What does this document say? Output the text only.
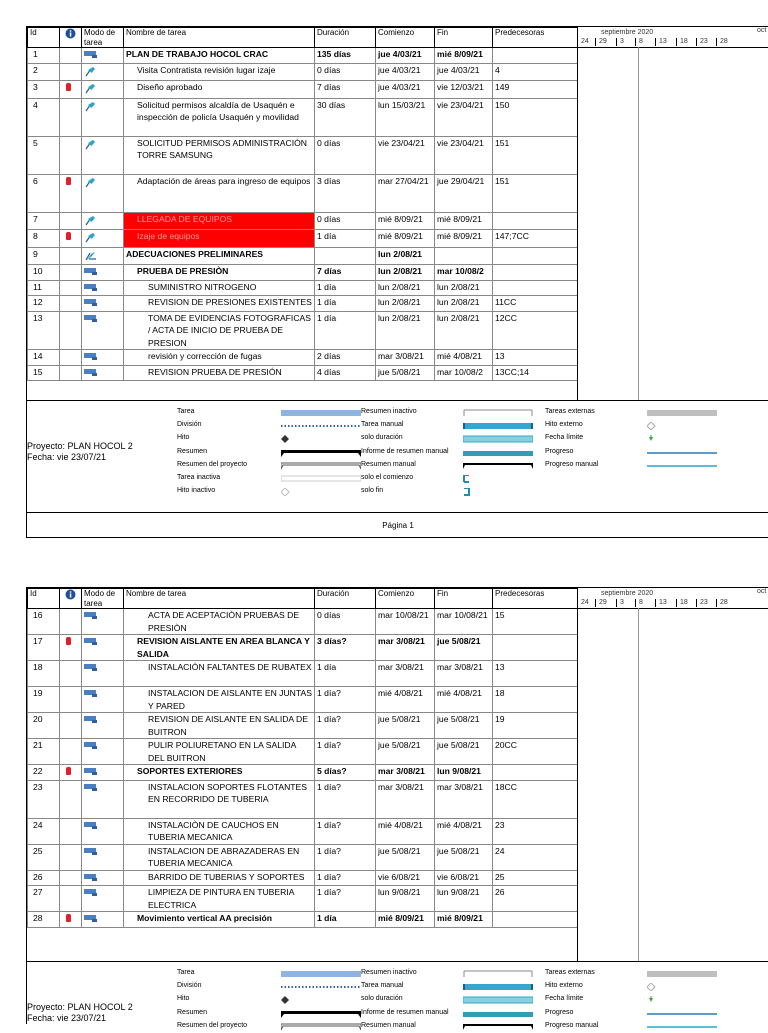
Id		Modo de tarea	Nombre de tarea	Duración	Comienzo	Fin	Predecesoras
1			PLAN DE TRABAJO HOCOL CRAC	135 días	jue 4/03/21	mié 8/09/21	
2			Visita Contratista revisión lugar izaje	0 días	jue 4/03/21	jue 4/03/21	4
3			Diseño aprobado	7 días	jue 4/03/21	vie 12/03/21	149
4			Solicitud permisos alcaldía de Usaquén e inspección de policía Usaquén y movilidad	30 días	lun 15/03/21	vie 23/04/21	150
5			SOLICITUD PERMISOS ADMINISTRACIÒN TORRE SAMSUNG	0 días	vie 23/04/21	vie 23/04/21	151
6			Adaptación de áreas para ingreso de equipos	3 días	mar 27/04/21	jue 29/04/21	151
7			LLEGADA DE EQUIPOS	0 días	mié 8/09/21	mié 8/09/21	
8			Izaje de equipos	1 día	mié 8/09/21	mié 8/09/21	147;7CC
9			ADECUACIONES PRELIMINARES		lun 2/08/21		
10			PRUEBA DE PRESIÒN	7 días	lun 2/08/21	mar 10/08/2	
11			SUMINISTRO NITROGENO	1 día	lun 2/08/21	lun 2/08/21	
12			REVISION DE PRESIONES EXISTENTES	1 día	lun 2/08/21	lun 2/08/21	11CC
13			TOMA DE EVIDENCIAS FOTOGRAFICAS / ACTA DE INICIO DE PRUEBA DE PRESION	1 día	lun 2/08/21	lun 2/08/21	12CC
14			revisión y corrección de fugas	2 días	mar 3/08/21	mié 4/08/21	13
15			REVISION PRUEBA DE PRESIÓN	4 días	jue 5/08/21	mar 10/08/2	13CC;14
septiembre 2020	oct
24 29 3 8 13 18 23 28
Proyecto: PLAN HOCOL 2
Fecha: vie 23/07/21
Tarea
División
Hito
Resumen
Resumen del proyecto
Tarea inactiva
Hito inactivo
Resumen inactivo
Tarea manual
solo duración
Informe de resumen manual
Resumen manual
solo el comienzo
solo fin
Tareas externas
Hito externo
Fecha límite
Progreso
Progreso manual
Página 1
Id		Modo de tarea	Nombre de tarea	Duración	Comienzo	Fin	Predecesoras
16			ACTA DE ACEPTACIÒN PRUEBAS DE PRESIÒN	0 días	mar 10/08/21	mar 10/08/21	15
17			REVISION AISLANTE EN AREA BLANCA Y SALIDA	3 días?	mar 3/08/21	jue 5/08/21	
18			INSTALACIÒN FALTANTES DE RUBATEX	1 día	mar 3/08/21	mar 3/08/21	13
19			INSTALACION DE AISLANTE EN JUNTAS Y PARED	1 día?	mié 4/08/21	mié 4/08/21	18
20			REVISION DE AISLANTE EN SALIDA DE BUITRON	1 día?	jue 5/08/21	jue 5/08/21	19
21			PULIR POLIURETANO EN LA SALIDA DEL BUITRON	1 día?	jue 5/08/21	jue 5/08/21	20CC
22			SOPORTES EXTERIORES	5 días?	mar 3/08/21	lun 9/08/21	
23			INSTALACION SOPORTES FLOTANTES EN RECORRIDO DE TUBERIA	1 día?	mar 3/08/21	mar 3/08/21	18CC
24			INSTALACIÒN DE CAUCHOS EN TUBERIA MECANICA	1 día?	mié 4/08/21	mié 4/08/21	23
25			INSTALACION DE ABRAZADERAS EN TUBERIA MECANICA	1 día?	jue 5/08/21	jue 5/08/21	24
26			BARRIDO DE TUBERIAS Y SOPORTES	1 día?	vie 6/08/21	vie 6/08/21	25
27			LIMPIEZA DE PINTURA EN TUBERIA ELECTRICA	1 día?	lun 9/08/21	lun 9/08/21	26
28			Movimiento vertical AA precisión	1 día	mié 8/09/21	mié 8/09/21	
septiembre 2020	oct
24 29 3 8 13 18 23 28
Proyecto: PLAN HOCOL 2
Fecha: vie 23/07/21
Tarea
División
Hito
Resumen
Resumen del proyecto
Resumen inactivo
Tarea manual
solo duración
Informe de resumen manual
Resumen manual
Tareas externas
Hito externo
Fecha límite
Progreso
Progreso manual
